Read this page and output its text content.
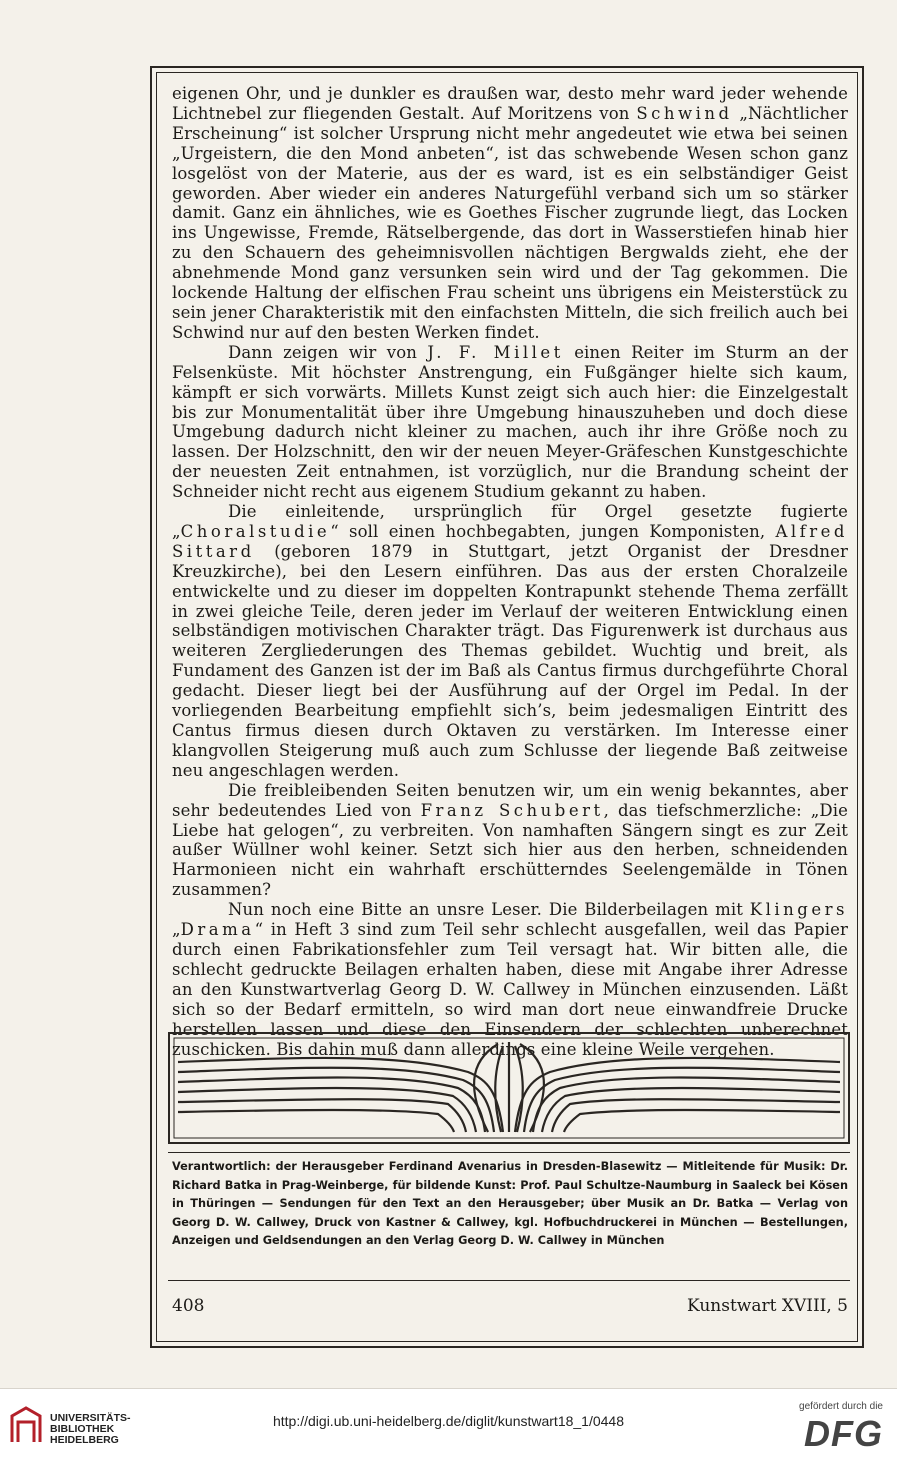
eigenen Ohr, und je dunkler es draußen war, desto mehr ward jeder wehende Lichtnebel zur fliegenden Gestalt. Auf Moritzens von Schwind „Nächtlicher Erscheinung“ ist solcher Ursprung nicht mehr angedeutet wie etwa bei seinen „Urgeistern, die den Mond anbeten“, ist das schwebende Wesen schon ganz losgelöst von der Materie, aus der es ward, ist es ein selbständiger Geist geworden. Aber wieder ein anderes Naturgefühl verband sich um so stärker damit. Ganz ein ähnliches, wie es Goethes Fischer zugrunde liegt, das Locken ins Ungewisse, Fremde, Rätselbergende, das dort in Wasserstiefen hinab hier zu den Schauern des geheimnisvollen nächtigen Bergwalds zieht, ehe der abnehmende Mond ganz versunken sein wird und der Tag gekommen. Die lockende Haltung der elfischen Frau scheint uns übrigens ein Meisterstück zu sein jener Charakteristik mit den einfachsten Mitteln, die sich freilich auch bei Schwind nur auf den besten Werken findet.

Dann zeigen wir von J. F. Millet einen Reiter im Sturm an der Felsenküste. Mit höchster Anstrengung, ein Fußgänger hielte sich kaum, kämpft er sich vorwärts. Millets Kunst zeigt sich auch hier: die Einzelgestalt bis zur Monumentalität über ihre Umgebung hinauszuheben und doch diese Umgebung dadurch nicht kleiner zu machen, auch ihr ihre Größe noch zu lassen. Der Holzschnitt, den wir der neuen Meyer-Gräfeschen Kunstgeschichte der neuesten Zeit entnahmen, ist vorzüglich, nur die Brandung scheint der Schneider nicht recht aus eigenem Studium gekannt zu haben.

Die einleitende, ursprünglich für Orgel gesetzte fugierte „Choralstudie“ soll einen hochbegabten, jungen Komponisten, Alfred Sittard (geboren 1879 in Stuttgart, jetzt Organist der Dresdner Kreuzkirche), bei den Lesern einführen. Das aus der ersten Choralzeile entwickelte und zu dieser im doppelten Kontrapunkt stehende Thema zerfällt in zwei gleiche Teile, deren jeder im Verlauf der weiteren Entwicklung einen selbständigen motivischen Charakter trägt. Das Figurenwerk ist durchaus aus weiteren Zergliederungen des Themas gebildet. Wuchtig und breit, als Fundament des Ganzen ist der im Baß als Cantus firmus durchgeführte Choral gedacht. Dieser liegt bei der Ausführung auf der Orgel im Pedal. In der vorliegenden Bearbeitung empfiehlt sich’s, beim jedesmaligen Eintritt des Cantus firmus diesen durch Oktaven zu verstärken. Im Interesse einer klangvollen Steigerung muß auch zum Schlusse der liegende Baß zeitweise neu angeschlagen werden.

Die freibleibenden Seiten benutzen wir, um ein wenig bekanntes, aber sehr bedeutendes Lied von Franz Schubert, das tiefschmerzliche: „Die Liebe hat gelogen“, zu verbreiten. Von namhaften Sängern singt es zur Zeit außer Wüllner wohl keiner. Setzt sich hier aus den herben, schneidenden Harmonieen nicht ein wahrhaft erschütterndes Seelengemälde in Tönen zusammen?

Nun noch eine Bitte an unsre Leser. Die Bilderbeilagen mit Klingers „Drama“ in Heft 3 sind zum Teil sehr schlecht ausgefallen, weil das Papier durch einen Fabrikationsfehler zum Teil versagt hat. Wir bitten alle, die schlecht gedruckte Beilagen erhalten haben, diese mit Angabe ihrer Adresse an den Kunstwartverlag Georg D. W. Callwey in München einzusenden. Läßt sich so der Bedarf ermitteln, so wird man dort neue einwandfreie Drucke herstellen lassen und diese den Einsendern der schlechten unberechnet zuschicken. Bis dahin muß dann allerdings eine kleine Weile vergehen.

Verantwortlich: der Herausgeber Ferdinand Avenarius in Dresden-Blasewitz — Mitleitende für Musik: Dr. Richard Batka in Prag-Weinberge, für bildende Kunst: Prof. Paul Schultze-Naumburg in Saaleck bei Kösen in Thüringen — Sendungen für den Text an den Herausgeber; über Musik an Dr. Batka — Verlag von Georg D. W. Callwey, Druck von Kastner & Callwey, kgl. Hofbuchdruckerei in München — Bestellungen, Anzeigen und Geldsendungen an den Verlag Georg D. W. Callwey in München
408	Kunstwart XVIII, 5
UNIVERSITÄTS-
BIBLIOTHEK
HEIDELBERG
http://digi.ub.uni-heidelberg.de/diglit/kunstwart18_1/0448
gefördert durch die
DFG
